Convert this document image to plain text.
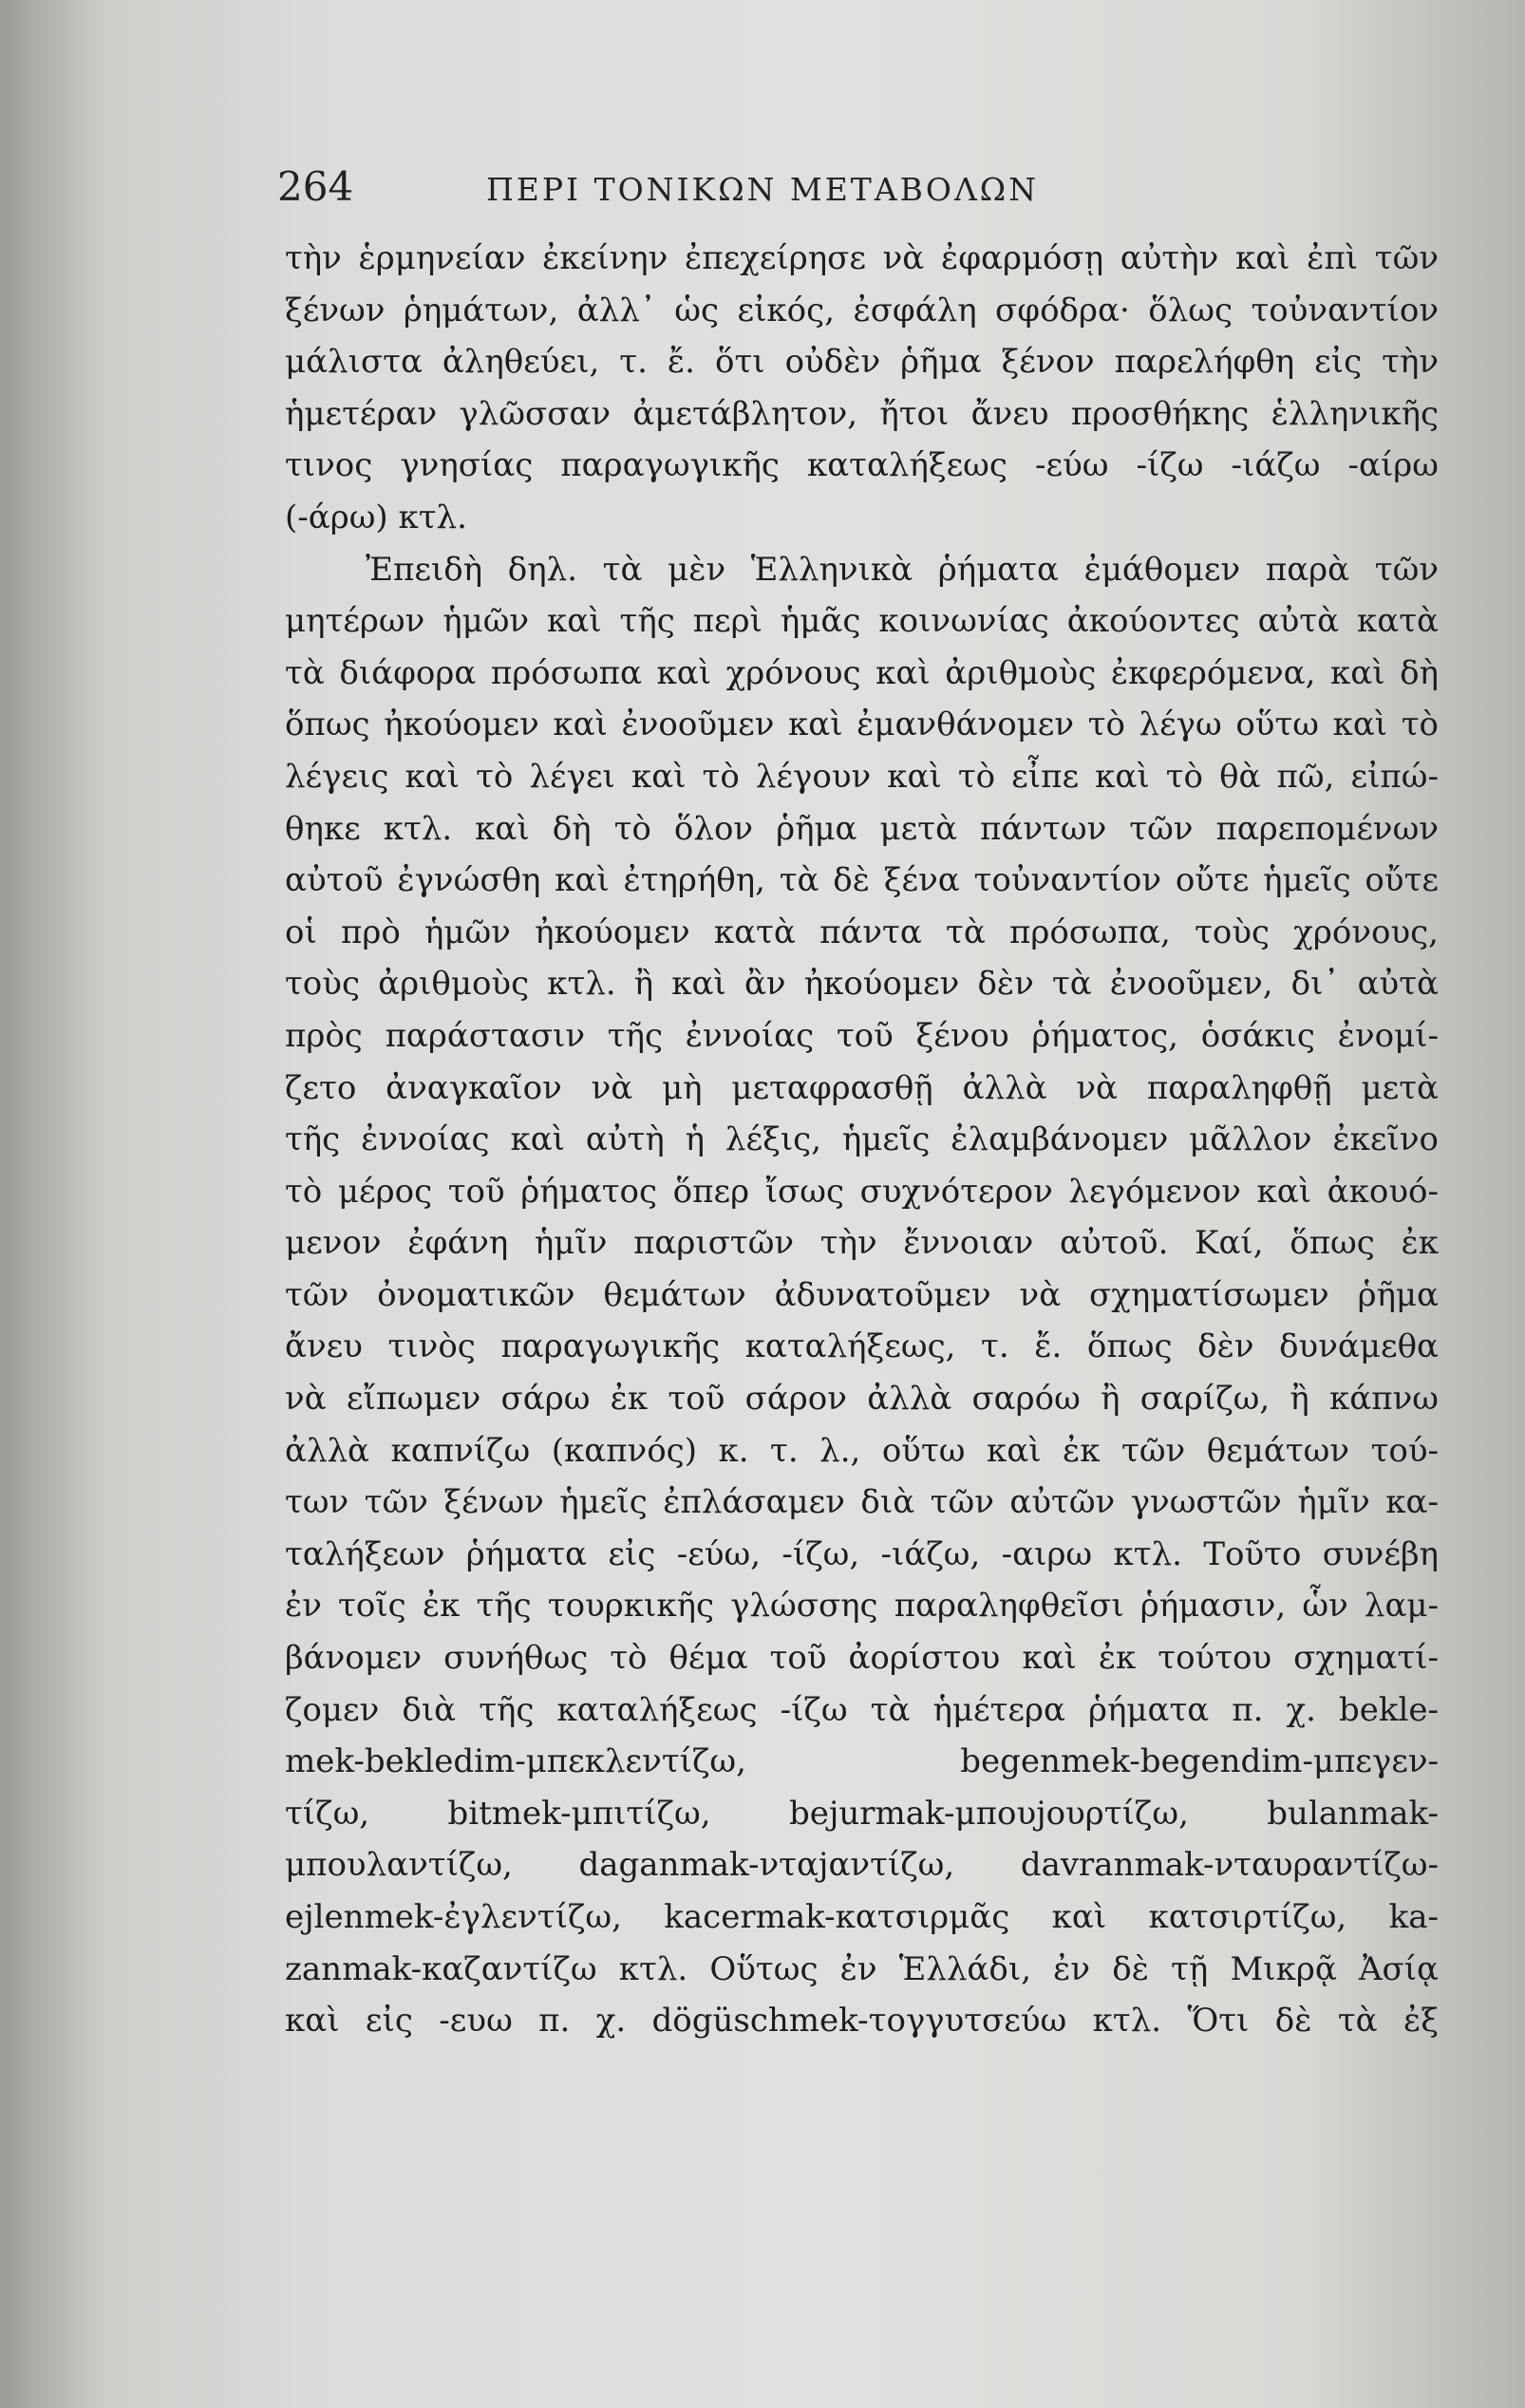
264	ΠΕΡΙ ΤΟΝΙΚΩΝ ΜΕΤΑΒΟΛΩΝ
τὴν ἑρμηνείαν ἐκείνην ἐπεχείρησε νὰ ἐφαρμόσῃ αὐτὴν καὶ ἐπὶ τῶν
ξένων ῥημάτων, ἀλλ᾽ ὡς εἰκός, ἐσφάλη σφόδρα· ὅλως τοὐναντίον
μάλιστα ἀληθεύει, τ. ἔ. ὅτι οὐδὲν ῥῆμα ξένον παρελήφθη εἰς τὴν
ἡμετέραν γλῶσσαν ἀμετάβλητον, ἤτοι ἄνευ προσθήκης ἑλληνικῆς
τινος γνησίας παραγωγικῆς καταλήξεως -εύω -ίζω -ιάζω -αίρω
(-άρω) κτλ.
Ἐπειδὴ δηλ. τὰ μὲν Ἑλληνικὰ ῥήματα ἐμάθομεν παρὰ τῶν
μητέρων ἡμῶν καὶ τῆς περὶ ἡμᾶς κοινωνίας ἀκούοντες αὐτὰ κατὰ
τὰ διάφορα πρόσωπα καὶ χρόνους καὶ ἀριθμοὺς ἐκφερόμενα, καὶ δὴ
ὅπως ἠκούομεν καὶ ἐνοοῦμεν καὶ ἐμανθάνομεν τὸ λέγω οὕτω καὶ τὸ
λέγεις καὶ τὸ λέγει καὶ τὸ λέγουν καὶ τὸ εἶπε καὶ τὸ θὰ πῶ, εἰπώ-
θηκε κτλ. καὶ δὴ τὸ ὅλον ῥῆμα μετὰ πάντων τῶν παρεπομένων
αὐτοῦ ἐγνώσθη καὶ ἐτηρήθη, τὰ δὲ ξένα τοὐναντίον οὔτε ἡμεῖς οὔτε
οἱ πρὸ ἡμῶν ἠκούομεν κατὰ πάντα τὰ πρόσωπα, τοὺς χρόνους,
τοὺς ἀριθμοὺς κτλ. ἢ καὶ ἂν ἠκούομεν δὲν τὰ ἐνοοῦμεν, δι᾽ αὐτὰ
πρὸς παράστασιν τῆς ἐννοίας τοῦ ξένου ῥήματος, ὁσάκις ἐνομί-
ζετο ἀναγκαῖον νὰ μὴ μεταφρασθῇ ἀλλὰ νὰ παραληφθῇ μετὰ
τῆς ἐννοίας καὶ αὐτὴ ἡ λέξις, ἡμεῖς ἐλαμβάνομεν μᾶλλον ἐκεῖνο
τὸ μέρος τοῦ ῥήματος ὅπερ ἴσως συχνότερον λεγόμενον καὶ ἀκουό-
μενον ἐφάνη ἡμῖν παριστῶν τὴν ἔννοιαν αὐτοῦ. Καί, ὅπως ἐκ
τῶν ὀνοματικῶν θεμάτων ἀδυνατοῦμεν νὰ σχηματίσωμεν ῥῆμα
ἄνευ τινὸς παραγωγικῆς καταλήξεως, τ. ἔ. ὅπως δὲν δυνάμεθα
νὰ εἴπωμεν σάρω ἐκ τοῦ σάρον ἀλλὰ σαρόω ἢ σαρίζω, ἢ κάπνω
ἀλλὰ καπνίζω (καπνός) κ. τ. λ., οὕτω καὶ ἐκ τῶν θεμάτων τού-
των τῶν ξένων ἡμεῖς ἐπλάσαμεν διὰ τῶν αὐτῶν γνωστῶν ἡμῖν κα-
ταλήξεων ῥήματα εἰς -εύω, -ίζω, -ιάζω, -αιρω κτλ. Τοῦτο συνέβη
ἐν τοῖς ἐκ τῆς τουρκικῆς γλώσσης παραληφθεῖσι ῥήμασιν, ὧν λαμ-
βάνομεν συνήθως τὸ θέμα τοῦ ἀορίστου καὶ ἐκ τούτου σχηματί-
ζομεν διὰ τῆς καταλήξεως -ίζω τὰ ἡμέτερα ῥήματα π. χ. bekle-
mek-bekledim-μπεκλεντίζω, begenmek-begendim-μπεγεν-
τίζω, bitmek-μπιτίζω, bejurmak-μπουjουρτίζω, bulanmak-
μπουλαντίζω, daganmak-νταjαντίζω, davranmak-νταυραντίζω-
ejlenmek-ἐγλεντίζω, kacermak-κατσιρμᾶς καὶ κατσιρτίζω, ka-
zanmak-καζαντίζω κτλ. Οὕτως ἐν Ἑλλάδι, ἐν δὲ τῇ Μικρᾷ Ἀσίᾳ
καὶ εἰς -ευω π. χ. dögüschmek-τογγυτσεύω κτλ. Ὅτι δὲ τὰ ἐξ
